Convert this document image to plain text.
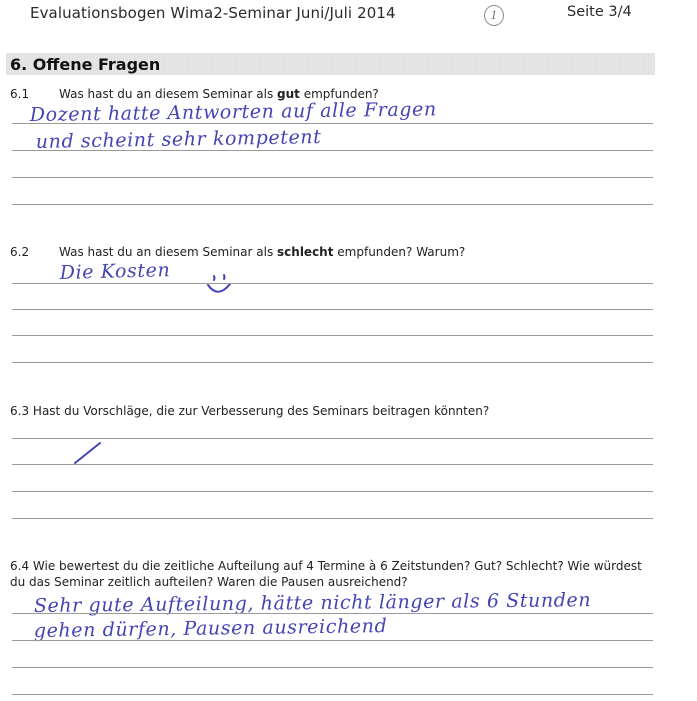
Evaluationsbogen Wima2-Seminar Juni/Juli 2014	1	Seite 3/4
6. Offene Fragen
6.1 Was hast du an diesem Seminar als gut empfunden?
Dozent hatte Antworten auf alle Fragen
und scheint sehr kompetent
6.2 Was hast du an diesem Seminar als schlecht empfunden? Warum?
Die Kosten
6.3 Hast du Vorschläge, die zur Verbesserung des Seminars beitragen könnten?
6.4 Wie bewertest du die zeitliche Aufteilung auf 4 Termine à 6 Zeitstunden? Gut? Schlecht? Wie würdest
du das Seminar zeitlich aufteilen? Waren die Pausen ausreichend?
Sehr gute Aufteilung, hätte nicht länger als 6 Stunden
gehen dürfen, Pausen ausreichend
